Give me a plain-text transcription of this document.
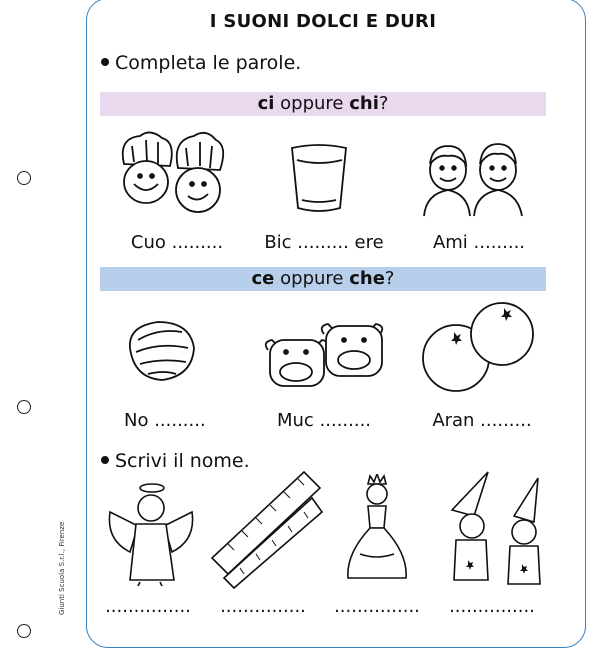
Giunti Scuola S.r.l., Firenze
I SUONI DOLCI E DURI
Completa le parole.
ci oppure chi?
Cuo .........	Bic ......... ere	Ami .........
ce oppure che?
No .........	Muc .........	Aran .........
Scrivi il nome.
............... ............... ............... ...............
